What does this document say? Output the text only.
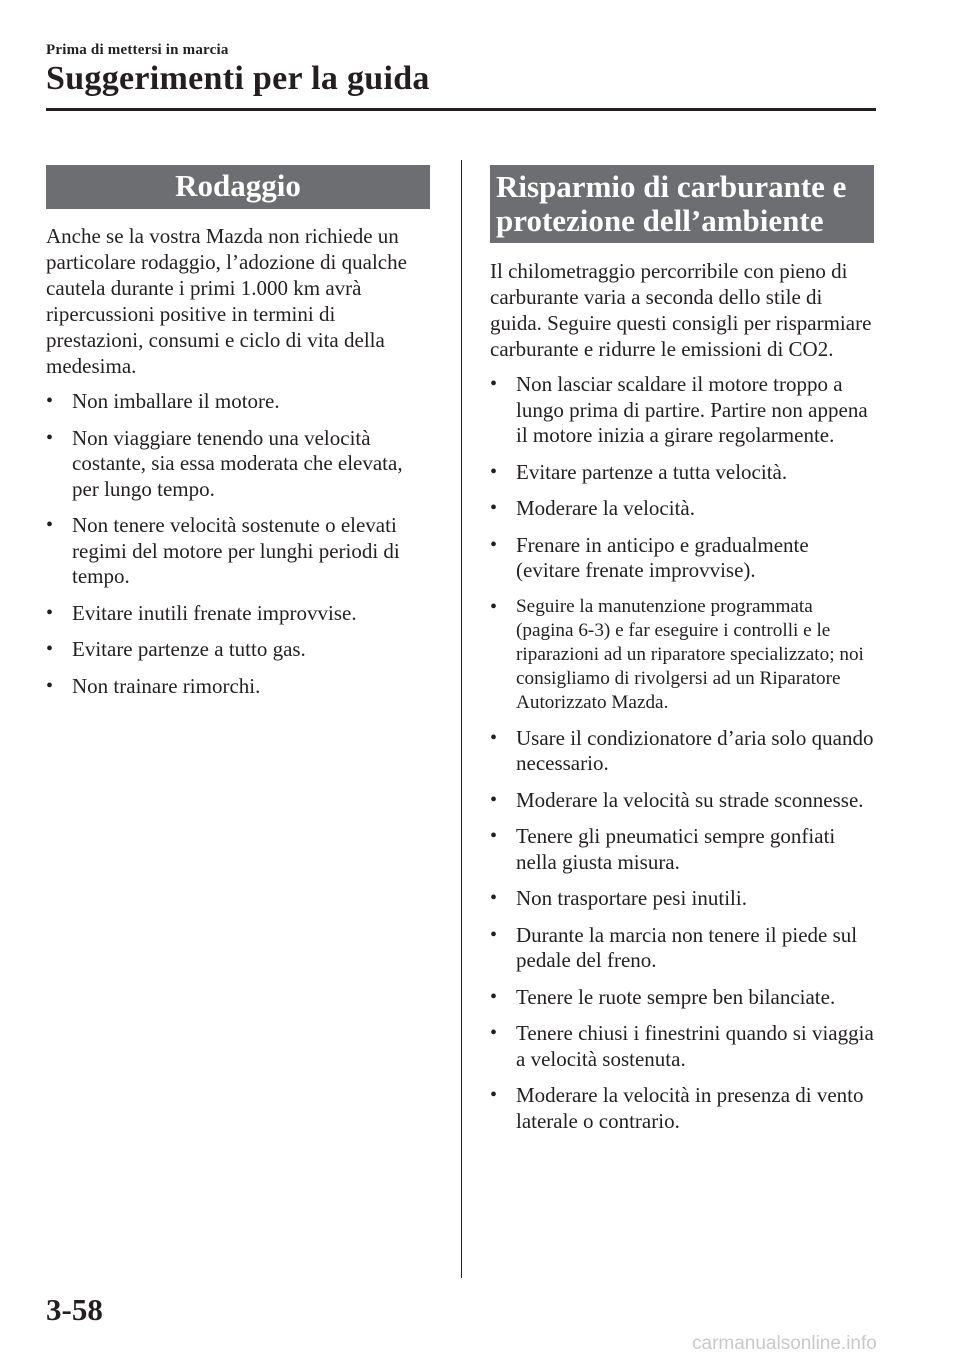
Prima di mettersi in marcia
Suggerimenti per la guida
Rodaggio

Anche se la vostra Mazda non richiede un particolare rodaggio, l’adozione di qualche cautela durante i primi 1.000 km avrà ripercussioni positive in termini di prestazioni, consumi e ciclo di vita della medesima.

• Non imballare il motore.
• Non viaggiare tenendo una velocità costante, sia essa moderata che elevata, per lungo tempo.
• Non tenere velocità sostenute o elevati regimi del motore per lunghi periodi di tempo.
• Evitare inutili frenate improvvise.
• Evitare partenze a tutto gas.
• Non trainare rimorchi.
Risparmio di carburante e
protezione dell’ambiente

Il chilometraggio percorribile con pieno di carburante varia a seconda dello stile di guida. Seguire questi consigli per risparmiare carburante e ridurre le emissioni di CO2.

• Non lasciar scaldare il motore troppo a lungo prima di partire. Partire non appena il motore inizia a girare regolarmente.
• Evitare partenze a tutta velocità.
• Moderare la velocità.
• Frenare in anticipo e gradualmente (evitare frenate improvvise).
• Seguire la manutenzione programmata (pagina 6-3) e far eseguire i controlli e le riparazioni ad un riparatore specializzato; noi consigliamo di rivolgersi ad un Riparatore Autorizzato Mazda.
• Usare il condizionatore d’aria solo quando necessario.
• Moderare la velocità su strade sconnesse.
• Tenere gli pneumatici sempre gonfiati nella giusta misura.
• Non trasportare pesi inutili.
• Durante la marcia non tenere il piede sul pedale del freno.
• Tenere le ruote sempre ben bilanciate.
• Tenere chiusi i finestrini quando si viaggia a velocità sostenuta.
• Moderare la velocità in presenza di vento laterale o contrario.
3-58
carmanualsonline.info
